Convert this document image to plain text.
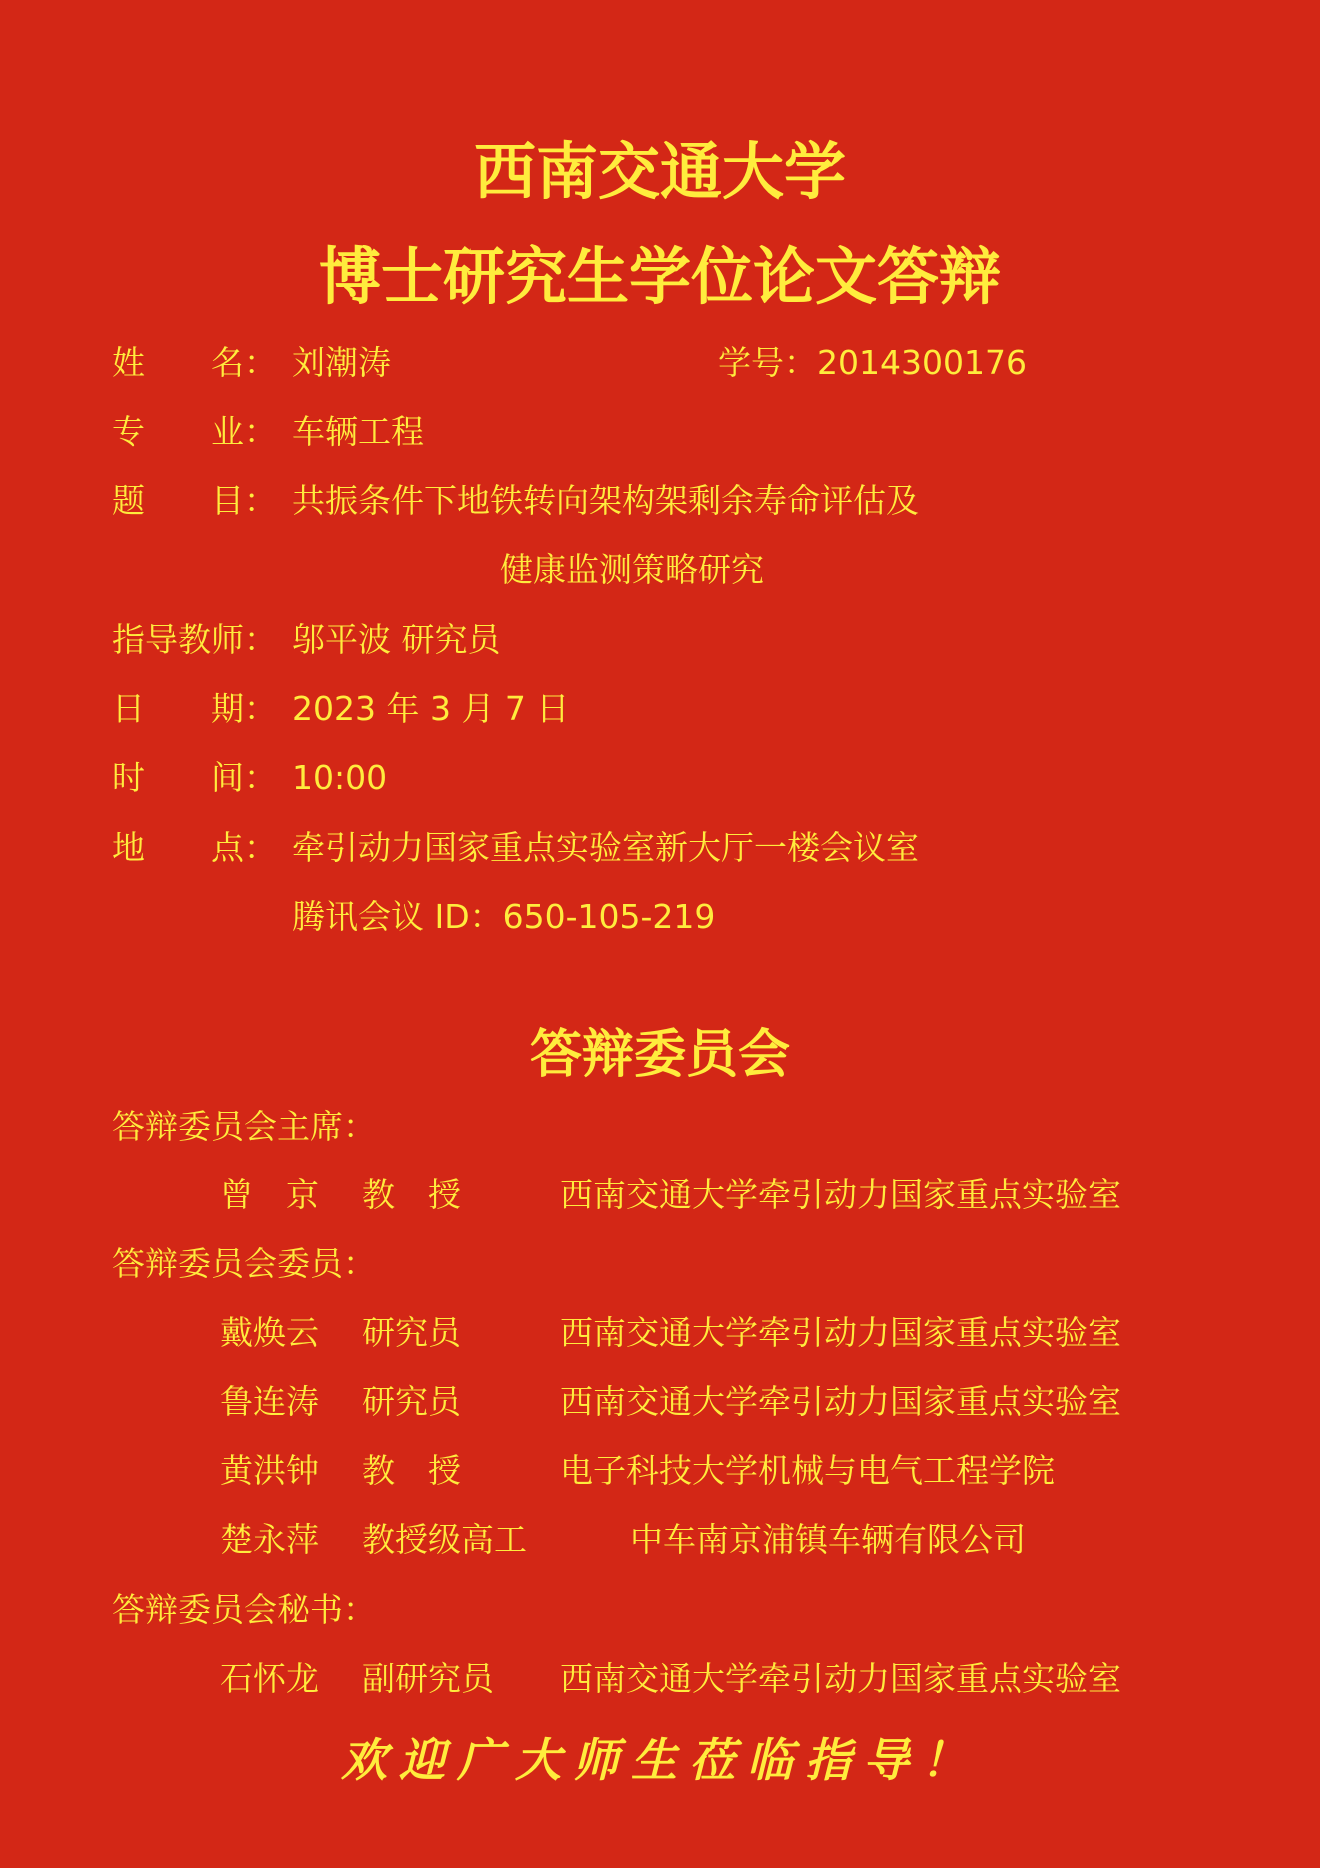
西南交通大学
博士研究生学位论文答辩
姓　　名： 刘潮涛	学号：2014300176
专　　业： 车辆工程
题　　目： 共振条件下地铁转向架构架剩余寿命评估及
健康监测策略研究
指导教师： 邬平波 研究员
日　　期： 2023 年 3 月 7 日
时　　间： 10:00
地　　点： 牵引动力国家重点实验室新大厅一楼会议室
腾讯会议 ID：650-105-219
答辩委员会
答辩委员会主席：
曾　京 教　授	西南交通大学牵引动力国家重点实验室
答辩委员会委员：
戴焕云 研究员	西南交通大学牵引动力国家重点实验室
鲁连涛 研究员	西南交通大学牵引动力国家重点实验室
黄洪钟 教　授	电子科技大学机械与电气工程学院
楚永萍 教授级高工	中车南京浦镇车辆有限公司
答辩委员会秘书：
石怀龙 副研究员 西南交通大学牵引动力国家重点实验室
欢迎广大师生莅临指导！
